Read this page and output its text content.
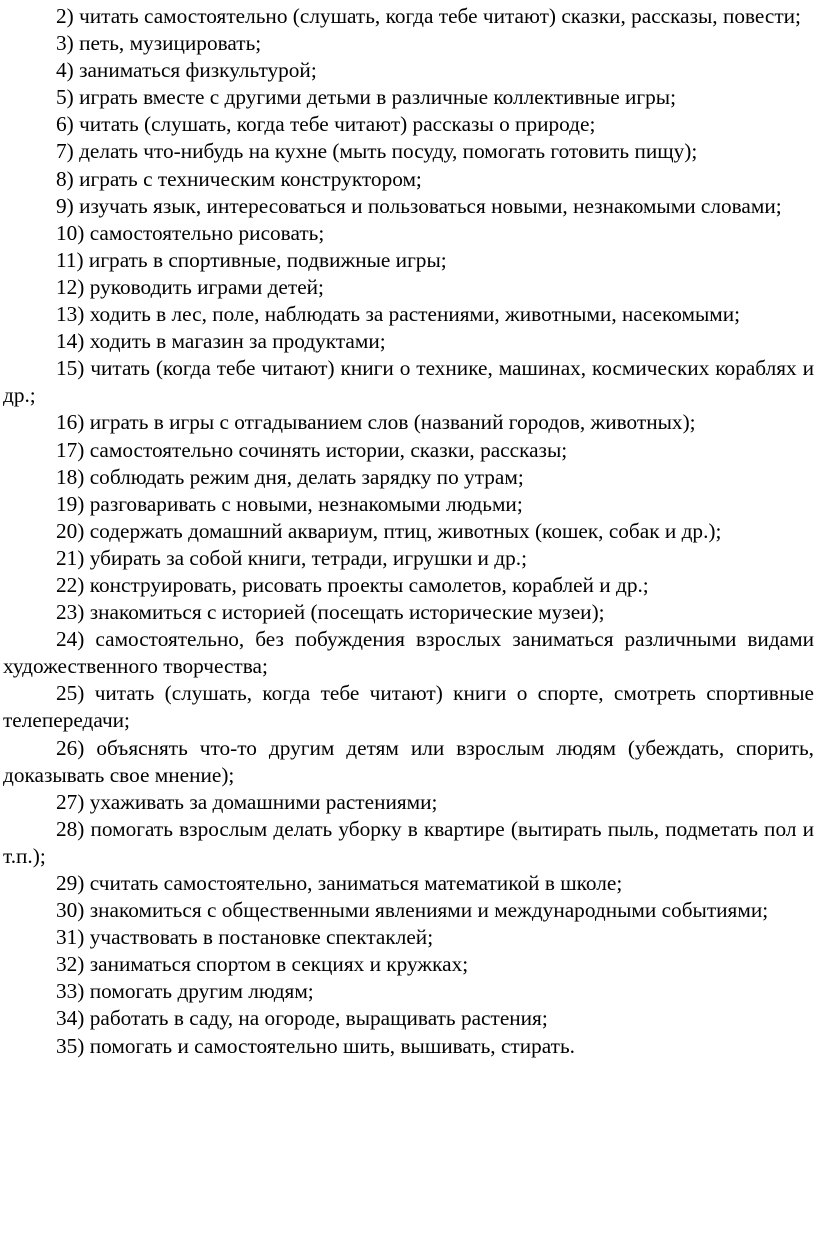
2) читать самостоятельно (слушать, когда тебе читают) сказки, рассказы, повести;

3) петь, музицировать;

4) заниматься физкультурой;

5) играть вместе с другими детьми в различные коллективные игры;

6) читать (слушать, когда тебе читают) рассказы о природе;

7) делать что-нибудь на кухне (мыть посуду, помогать готовить пищу);

8) играть с техническим конструктором;

9) изучать язык, интересоваться и пользоваться новыми, незнакомыми словами;

10) самостоятельно рисовать;

11) играть в спортивные, подвижные игры;

12) руководить играми детей;

13) ходить в лес, поле, наблюдать за растениями, животными, насекомыми;

14) ходить в магазин за продуктами;

15) читать (когда тебе читают) книги о технике, машинах, космических кораблях и др.;

16) играть в игры с отгадыванием слов (названий городов, животных);

17) самостоятельно сочинять истории, сказки, рассказы;

18) соблюдать режим дня, делать зарядку по утрам;

19) разговаривать с новыми, незнакомыми людьми;

20) содержать домашний аквариум, птиц, животных (кошек, собак и др.);

21) убирать за собой книги, тетради, игрушки и др.;

22) конструировать, рисовать проекты самолетов, кораблей и др.;

23) знакомиться с историей (посещать исторические музеи);

24) самостоятельно, без побуждения взрослых заниматься различными видами художественного творчества;

25) читать (слушать, когда тебе читают) книги о спорте, смотреть спортивные телепередачи;

26) объяснять что-то другим детям или взрослым людям (убеждать, спорить, доказывать свое мнение);

27) ухаживать за домашними растениями;

28) помогать взрослым делать уборку в квартире (вытирать пыль, подметать пол и т.п.);

29) считать самостоятельно, заниматься математикой в школе;

30) знакомиться с общественными явлениями и международными событиями;

31) участвовать в постановке спектаклей;

32) заниматься спортом в секциях и кружках;

33) помогать другим людям;

34) работать в саду, на огороде, выращивать растения;

35) помогать и самостоятельно шить, вышивать, стирать.
